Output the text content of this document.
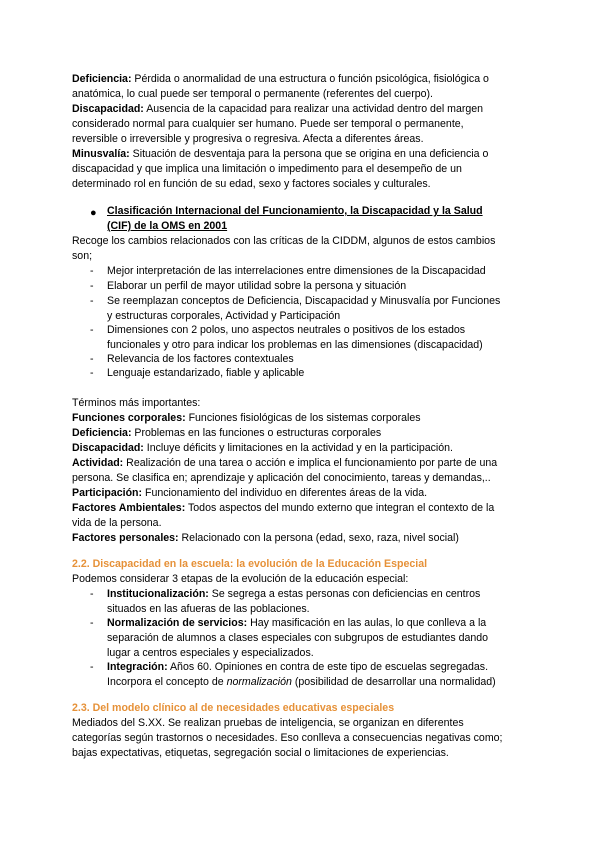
Deficiencia: Pérdida o anormalidad de una estructura o función psicológica, fisiológica o
anatómica, lo cual puede ser temporal o permanente (referentes del cuerpo).
Discapacidad: Ausencia de la capacidad para realizar una actividad dentro del margen
considerado normal para cualquier ser humano. Puede ser temporal o permanente,
reversible o irreversible y progresiva o regresiva. Afecta a diferentes áreas.
Minusvalía: Situación de desventaja para la persona que se origina en una deficiencia o
discapacidad y que implica una limitación o impedimento para el desempeño de un
determinado rol en función de su edad, sexo y factores sociales y culturales.
● Clasificación Internacional del Funcionamiento, la Discapacidad y la Salud
(CIF) de la OMS en 2001
Recoge los cambios relacionados con las críticas de la CIDDM, algunos de estos cambios
son;
-	Mejor interpretación de las interrelaciones entre dimensiones de la Discapacidad
-	Elaborar un perfil de mayor utilidad sobre la persona y situación
-	Se reemplazan conceptos de Deficiencia, Discapacidad y Minusvalía por Funciones
y estructuras corporales, Actividad y Participación
-	Dimensiones con 2 polos, uno aspectos neutrales o positivos de los estados
funcionales y otro para indicar los problemas en las dimensiones (discapacidad)
-	Relevancia de los factores contextuales
-	Lenguaje estandarizado, fiable y aplicable
Términos más importantes:
Funciones corporales: Funciones fisiológicas de los sistemas corporales
Deficiencia: Problemas en las funciones o estructuras corporales
Discapacidad: Incluye déficits y limitaciones en la actividad y en la participación.
Actividad: Realización de una tarea o acción e implica el funcionamiento por parte de una
persona. Se clasifica en; aprendizaje y aplicación del conocimiento, tareas y demandas,..
Participación: Funcionamiento del individuo en diferentes áreas de la vida.
Factores Ambientales: Todos aspectos del mundo externo que integran el contexto de la
vida de la persona.
Factores personales: Relacionado con la persona (edad, sexo, raza, nivel social)
2.2. Discapacidad en la escuela: la evolución de la Educación Especial
Podemos considerar 3 etapas de la evolución de la educación especial:
-	Institucionalización: Se segrega a estas personas con deficiencias en centros
situados en las afueras de las poblaciones.
-	Normalización de servicios: Hay masificación en las aulas, lo que conlleva a la
separación de alumnos a clases especiales con subgrupos de estudiantes dando
lugar a centros especiales y especializados.
-	Integración: Años 60. Opiniones en contra de este tipo de escuelas segregadas.
Incorpora el concepto de normalización (posibilidad de desarrollar una normalidad)
2.3. Del modelo clínico al de necesidades educativas especiales
Mediados del S.XX. Se realizan pruebas de inteligencia, se organizan en diferentes
categorías según trastornos o necesidades. Eso conlleva a consecuencias negativas como;
bajas expectativas, etiquetas, segregación social o limitaciones de experiencias.
